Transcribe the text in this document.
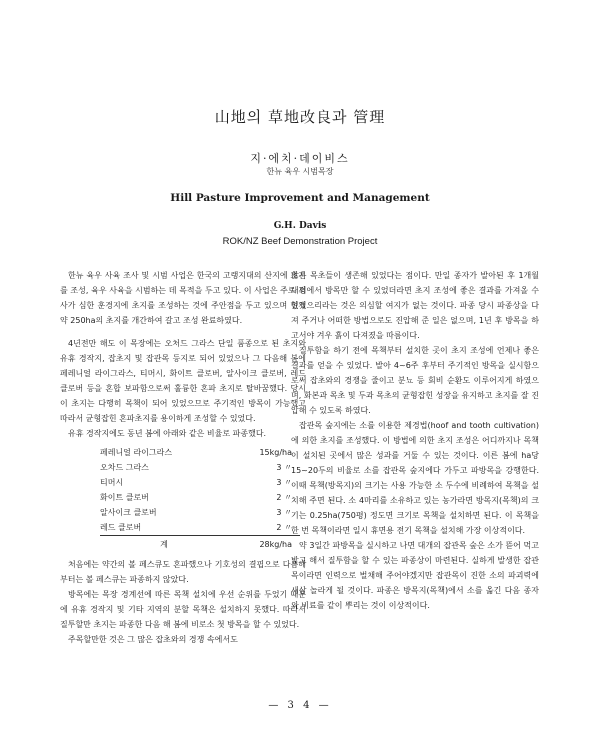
山地의 草地改良과 管理
지·에치·데이비스
한뉴 육우 시범목장
Hill Pasture Improvement and Management
G.H. Davis
ROK/NZ Beef Demonstration Project

한뉴 육우 사육 조사 및 시범 사업은 한국의 고랭지대의 산지에 초지를 조성, 육우 사육을 시범하는 데 목적을 두고 있다. 이 사업은 주로 경사가 심한 훈경지에 초지를 조성하는 것에 주안점을 두고 있으며 현재 약 250ha의 초지를 개간하여 갈고 조성 완료하였다.

4년전만 해도 이 목장에는 오처드 그라스 단일 품종으로 된 초지와 유휴 경작지, 잡초지 및 잡관목 등지로 되어 있었으나 그 다음해 봄에 페레니얼 라이그라스, 티머시, 화이트 클로버, 알사이크 클로버, 레드 클로버 등을 혼합 보파함으로써 훌륭한 혼파 초지로 탈바꿈했다. 당시 이 초지는 다행히 목책이 되어 있었으므로 주기적인 방목이 가능했고 따라서 균형잡힌 혼파초지를 용이하게 조성할 수 있었다.

유휴 경작지에도 동년 봄에 아래와 같은 비율로 파종했다.

페레니얼 라이그라스	15kg/ha
오차드 그라스	3 〃
티머시	3 〃
화이트 클로버	2 〃
알사이크 클로버	3 〃
레드 클로버	2 〃
계	28kg/ha

처음에는 약간의 볼 페스큐도 혼파했으나 기호성의 결핍으로 다음해부터는 볼 페스큐는 파종하지 않았다.

방목에는 목장 경계선에 따른 목책 설치에 우선 순위를 두었기 때문에 유휴 경작지 및 기타 지역의 분할 목책은 설치하지 못했다. 따라서 질투할만 초지는 파종한 다음 해 봄에 비로소 첫 방목을 할 수 있었다.

주목할만한 것은 그 많은 잡초와의 경쟁 속에서도

많은 목초들이 생존해 있었다는 점이다. 만일 종자가 발아된 후 1개월 내외에서 방목만 할 수 있었더라면 초지 조성에 좋은 결과를 가져올 수 있었으리라는 것은 의심할 여지가 없는 것이다. 파종 당시 파종상을 다져 주거나 어떠한 방법으로도 진압해 준 일은 없으며, 1년 후 방목을 하고서야 겨우 흙이 다져졌을 따름이다.

질투함을 하기 전에 목책부터 설치한 곳이 초지 조성에 언제나 좋은 결과를 얻을 수 있었다. 발아 4~6주 후부터 주기적인 방목을 실시함으로써 잡초와의 경쟁을 줄이고 분뇨 등 회비 순환도 이루어지게 하였으며, 화본과 목초 및 두과 목초의 균형잡힌 성장을 유지하고 초지를 잘 진압해 수 있도록 하였다.

잡관목 숲지에는 소를 이용한 제경법(hoof and tooth cultivation)에 의한 초지를 조성했다. 이 방법에 의한 초지 조성은 어디까지나 목책이 설치된 곳에서 많은 성과를 거둘 수 있는 것이다. 이른 봄에 ha당 15~20두의 비율로 소를 잡관목 숲지에다 가두고 파방목을 강행한다. 이때 목책(방목지)의 크기는 사용 가능한 소 두수에 비례하여 목책을 설치해 주면 된다. 소 4마리를 소유하고 있는 농가라면 방목지(목책)의 크기는 0.25ha(750평) 정도면 크기로 목책을 설치하면 된다. 이 목책을 한 번 목책이라면 일시 휴면용 전기 목책을 설치해 가장 이상적이다.

약 3일간 파방목을 실시하고 나면 대개의 잡관목 숲은 소가 뜯어 먹고 밟고 해서 질투함을 할 수 있는 파종상이 마련된다. 실하게 발생한 잡관목이라면 인력으로 벌채해 주어야겠지만 잡관목이 진한 소의 파괴력에 새삼 놀라게 될 것이다. 파종은 방목지(목책)에서 소를 옮긴 다음 종자와 비료를 같이 뿌리는 것이 이상적이다.

— 3 4 —
